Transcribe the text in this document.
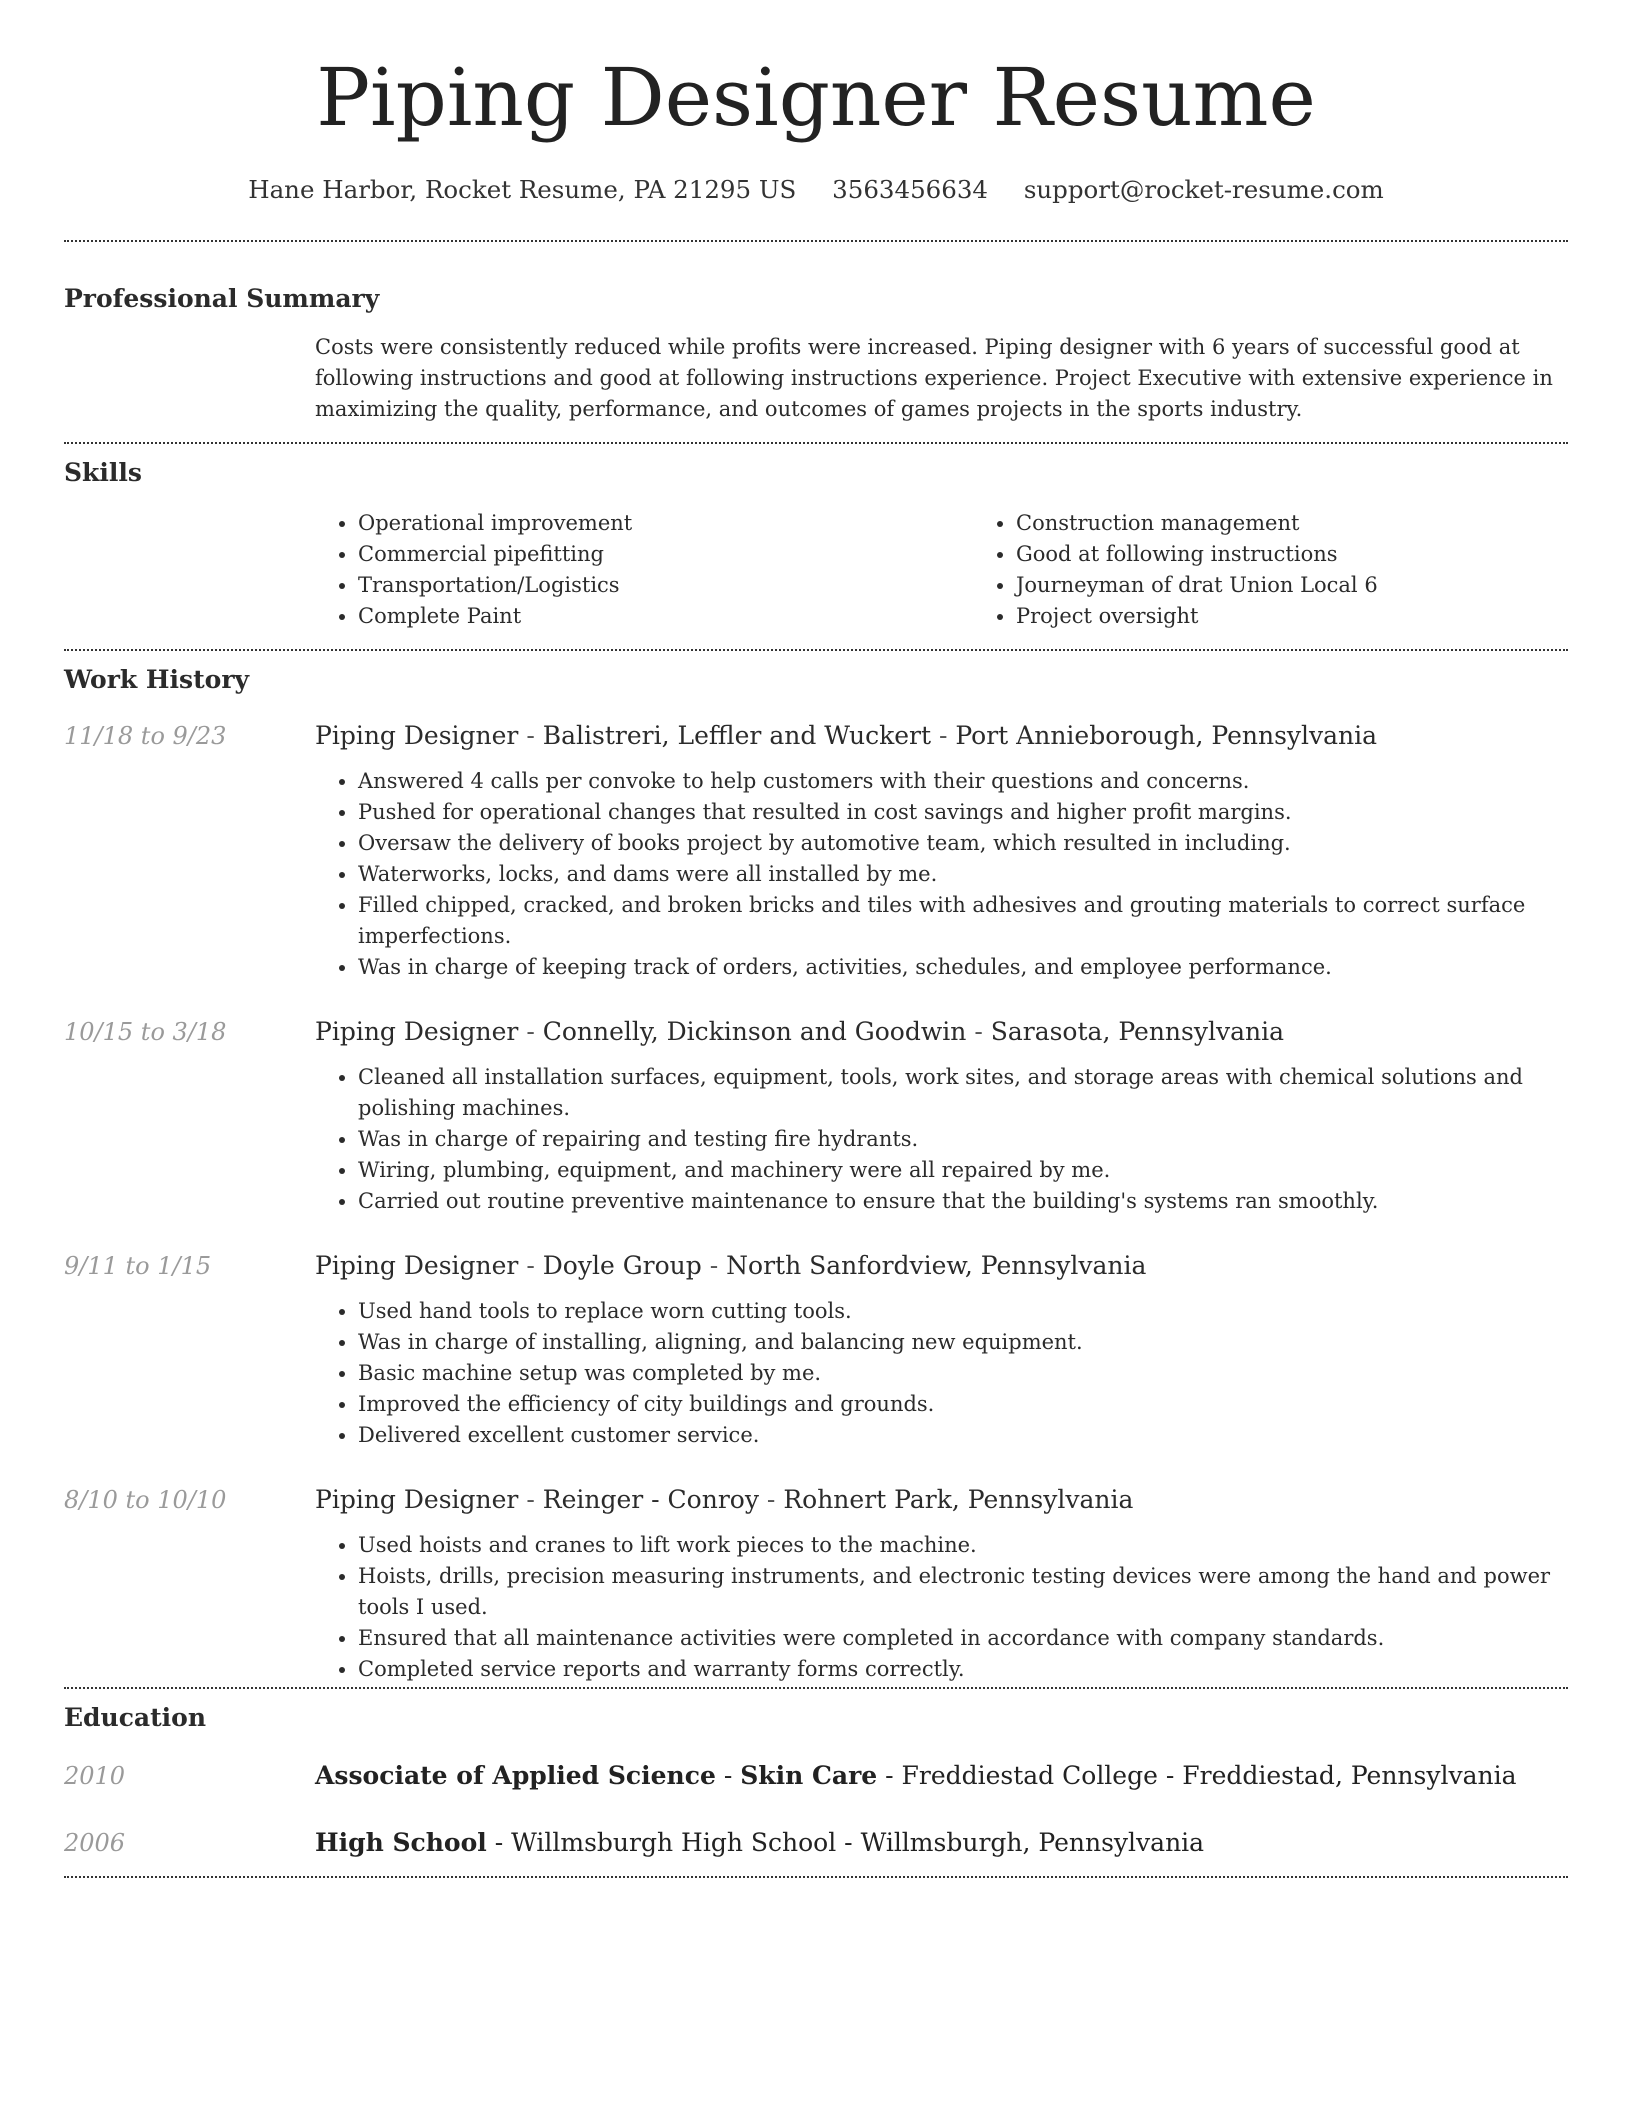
Piping Designer Resume
Hane Harbor, Rocket Resume, PA 21295 US 3563456634 support@rocket-resume.com
Professional Summary

Costs were consistently reduced while profits were increased. Piping designer with 6 years of successful good at following instructions and good at following instructions experience. Project Executive with extensive experience in maximizing the quality, performance, and outcomes of games projects in the sports industry.

Skills
• Operational improvement
• Commercial pipefitting
• Transportation/Logistics
• Complete Paint
• Construction management
• Good at following instructions
• Journeyman of drat Union Local 6
• Project oversight
Work History
11/18 to 9/23	Piping Designer - Balistreri, Leffler and Wuckert - Port Annieborough, Pennsylvania
• Answered 4 calls per convoke to help customers with their questions and concerns.
• Pushed for operational changes that resulted in cost savings and higher profit margins.
• Oversaw the delivery of books project by automotive team, which resulted in including.
• Waterworks, locks, and dams were all installed by me.
• Filled chipped, cracked, and broken bricks and tiles with adhesives and grouting materials to correct surface imperfections.
• Was in charge of keeping track of orders, activities, schedules, and employee performance.
10/15 to 3/18	Piping Designer - Connelly, Dickinson and Goodwin - Sarasota, Pennsylvania
• Cleaned all installation surfaces, equipment, tools, work sites, and storage areas with chemical solutions and polishing machines.
• Was in charge of repairing and testing fire hydrants.
• Wiring, plumbing, equipment, and machinery were all repaired by me.
• Carried out routine preventive maintenance to ensure that the building's systems ran smoothly.
9/11 to 1/15	Piping Designer - Doyle Group - North Sanfordview, Pennsylvania
• Used hand tools to replace worn cutting tools.
• Was in charge of installing, aligning, and balancing new equipment.
• Basic machine setup was completed by me.
• Improved the efficiency of city buildings and grounds.
• Delivered excellent customer service.
8/10 to 10/10	Piping Designer - Reinger - Conroy - Rohnert Park, Pennsylvania
• Used hoists and cranes to lift work pieces to the machine.
• Hoists, drills, precision measuring instruments, and electronic testing devices were among the hand and power tools I used.
• Ensured that all maintenance activities were completed in accordance with company standards.
• Completed service reports and warranty forms correctly.
Education
2010	Associate of Applied Science - Skin Care - Freddiestad College - Freddiestad, Pennsylvania
2006	High School - Willmsburgh High School - Willmsburgh, Pennsylvania
